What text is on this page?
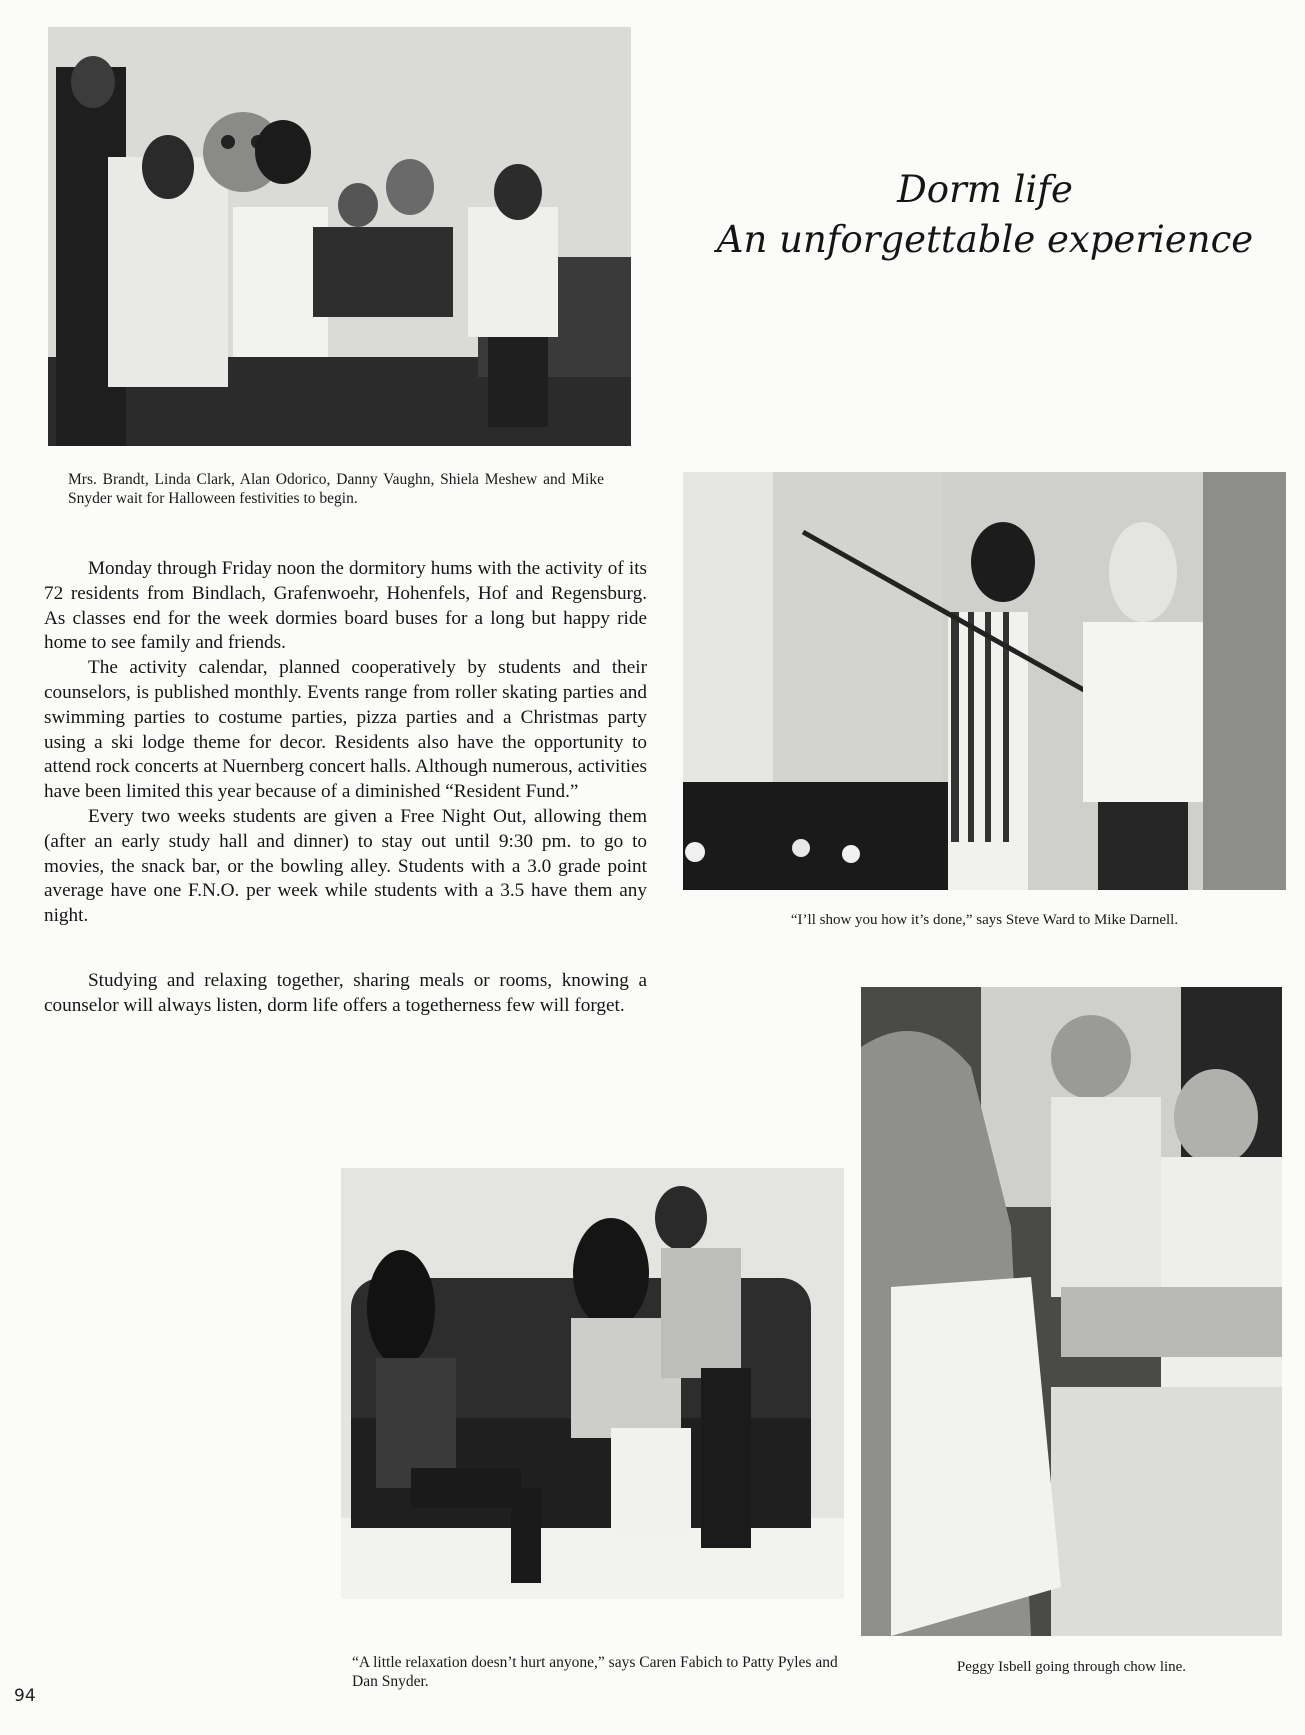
Mrs. Brandt, Linda Clark, Alan Odorico, Danny Vaughn, Shiela Meshew and Mike Snyder wait for Halloween festivities to begin.
Dorm life
An unforgettable experience
“I’ll show you how it’s done,” says Steve Ward to Mike Darnell.

Monday through Friday noon the dormitory hums with the activity of its 72 residents from Bindlach, Grafenwoehr, Hohenfels, Hof and Regensburg. As classes end for the week dormies board buses for a long but happy ride home to see family and friends.

The activity calendar, planned cooperatively by students and their counselors, is published monthly. Events range from roller skating parties and swimming parties to costume parties, pizza parties and a Christmas party using a ski lodge theme for decor. Residents also have the opportunity to attend rock concerts at Nuernberg concert halls. Although numerous, activities have been limited this year because of a diminished “Resident Fund.”

Every two weeks students are given a Free Night Out, allowing them (after an early study hall and dinner) to stay out until 9:30 pm. to go to movies, the snack bar, or the bowling alley. Students with a 3.0 grade point average have one F.N.O. per week while students with a 3.5 have them any night.

Studying and relaxing together, sharing meals or rooms, knowing a counselor will always listen, dorm life offers a togetherness few will forget.

Peggy Isbell going through chow line.
“A little relaxation doesn’t hurt anyone,” says Caren Fabich to Patty Pyles and Dan Snyder.
94
